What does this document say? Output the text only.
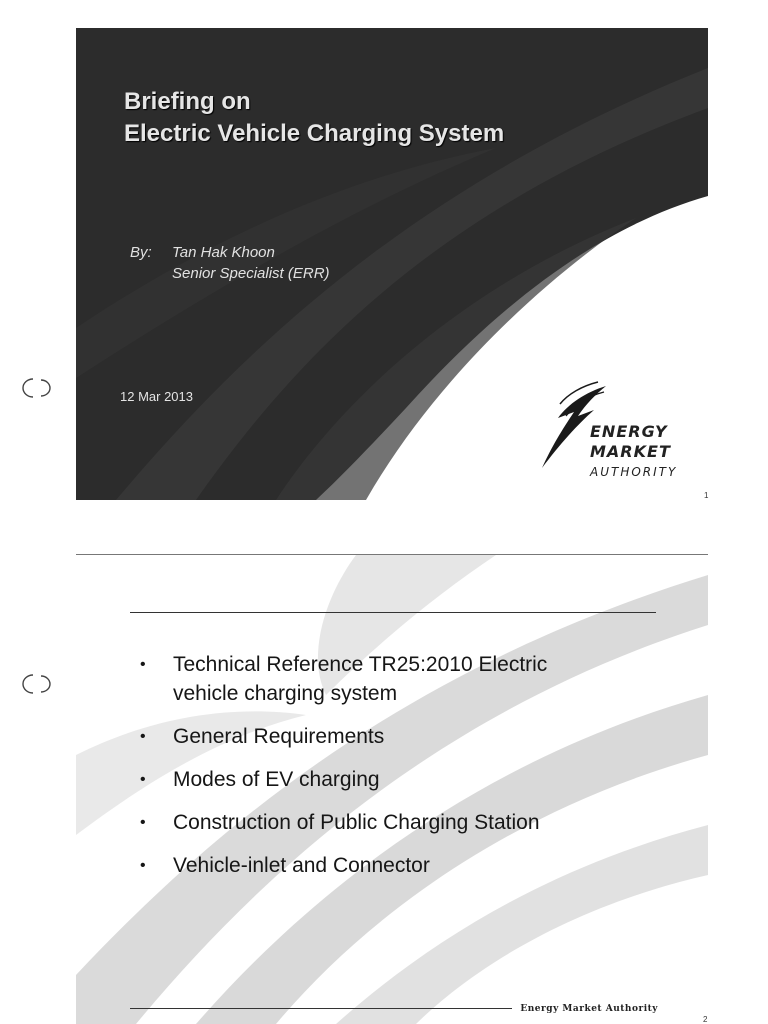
Briefing on
Electric Vehicle Charging System
By: Tan Hak Khoon
Senior Specialist (ERR)
12 Mar 2013
ENERGY
MARKET
AUTHORITY
1
• Technical Reference TR25:2010 Electric vehicle charging system
• General Requirements
• Modes of EV charging
• Construction of Public Charging Station
• Vehicle-inlet and Connector
Energy Market Authority
2
